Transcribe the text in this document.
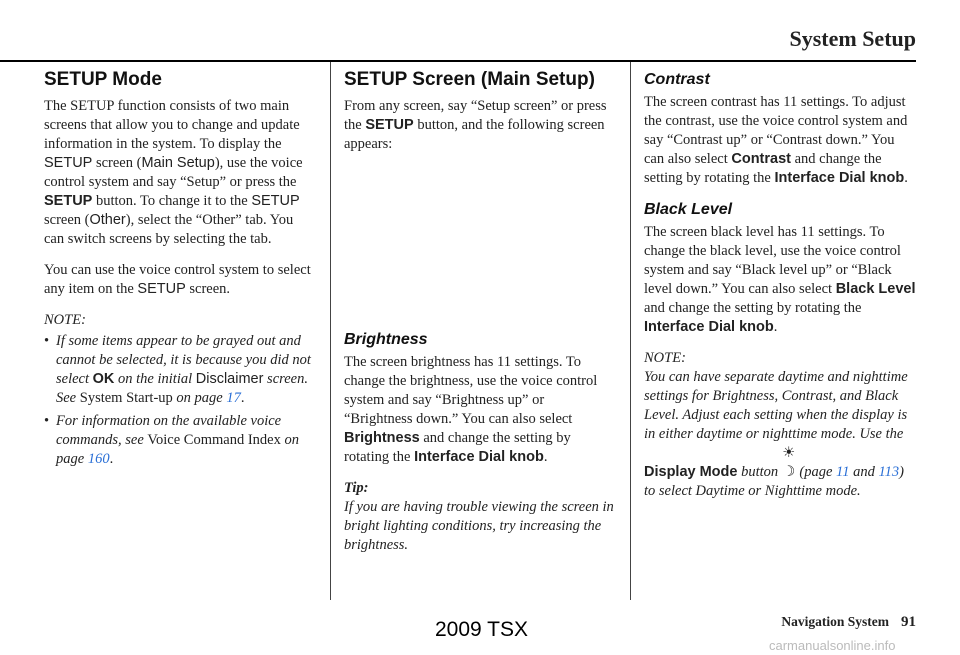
System Setup
SETUP Mode

The SETUP function consists of two main screens that allow you to change and update information in the system. To display the SETUP screen (Main Setup), use the voice control system and say “Setup” or press the SETUP button. To change it to the SETUP screen (Other), select the “Other” tab. You can switch screens by selecting the tab.

You can use the voice control system to select any item on the SETUP screen.

NOTE:
• If some items appear to be grayed out and cannot be selected, it is because you did not select OK on the initial Disclaimer screen. See System Start-up on page 17.
• For information on the available voice commands, see Voice Command Index on page 160.
SETUP Screen (Main Setup)

From any screen, say “Setup screen” or press the SETUP button, and the following screen appears:

Brightness

The screen brightness has 11 settings. To change the brightness, use the voice control system and say “Brightness up” or “Brightness down.” You can also select Brightness and change the setting by rotating the Interface Dial knob.

Tip:

If you are having trouble viewing the screen in bright lighting conditions, try increasing the brightness.

Contrast

The screen contrast has 11 settings. To adjust the contrast, use the voice control system and say “Contrast up” or “Contrast down.” You can also select Contrast and change the setting by rotating the Interface Dial knob.

Black Level

The screen black level has 11 settings. To change the black level, use the voice control system and say “Black level up” or “Black level down.” You can also select Black Level and change the setting by rotating the Interface Dial knob.

NOTE:

You can have separate daytime and nighttime settings for Brightness, Contrast, and Black Level. Adjust each setting when the display is in either daytime or nighttime mode. Use the Display Mode button ☀ ☽ (page 11 and 113) to select Daytime or Nighttime mode.

Navigation System 91
2009 TSX
carmanualsonline.info
